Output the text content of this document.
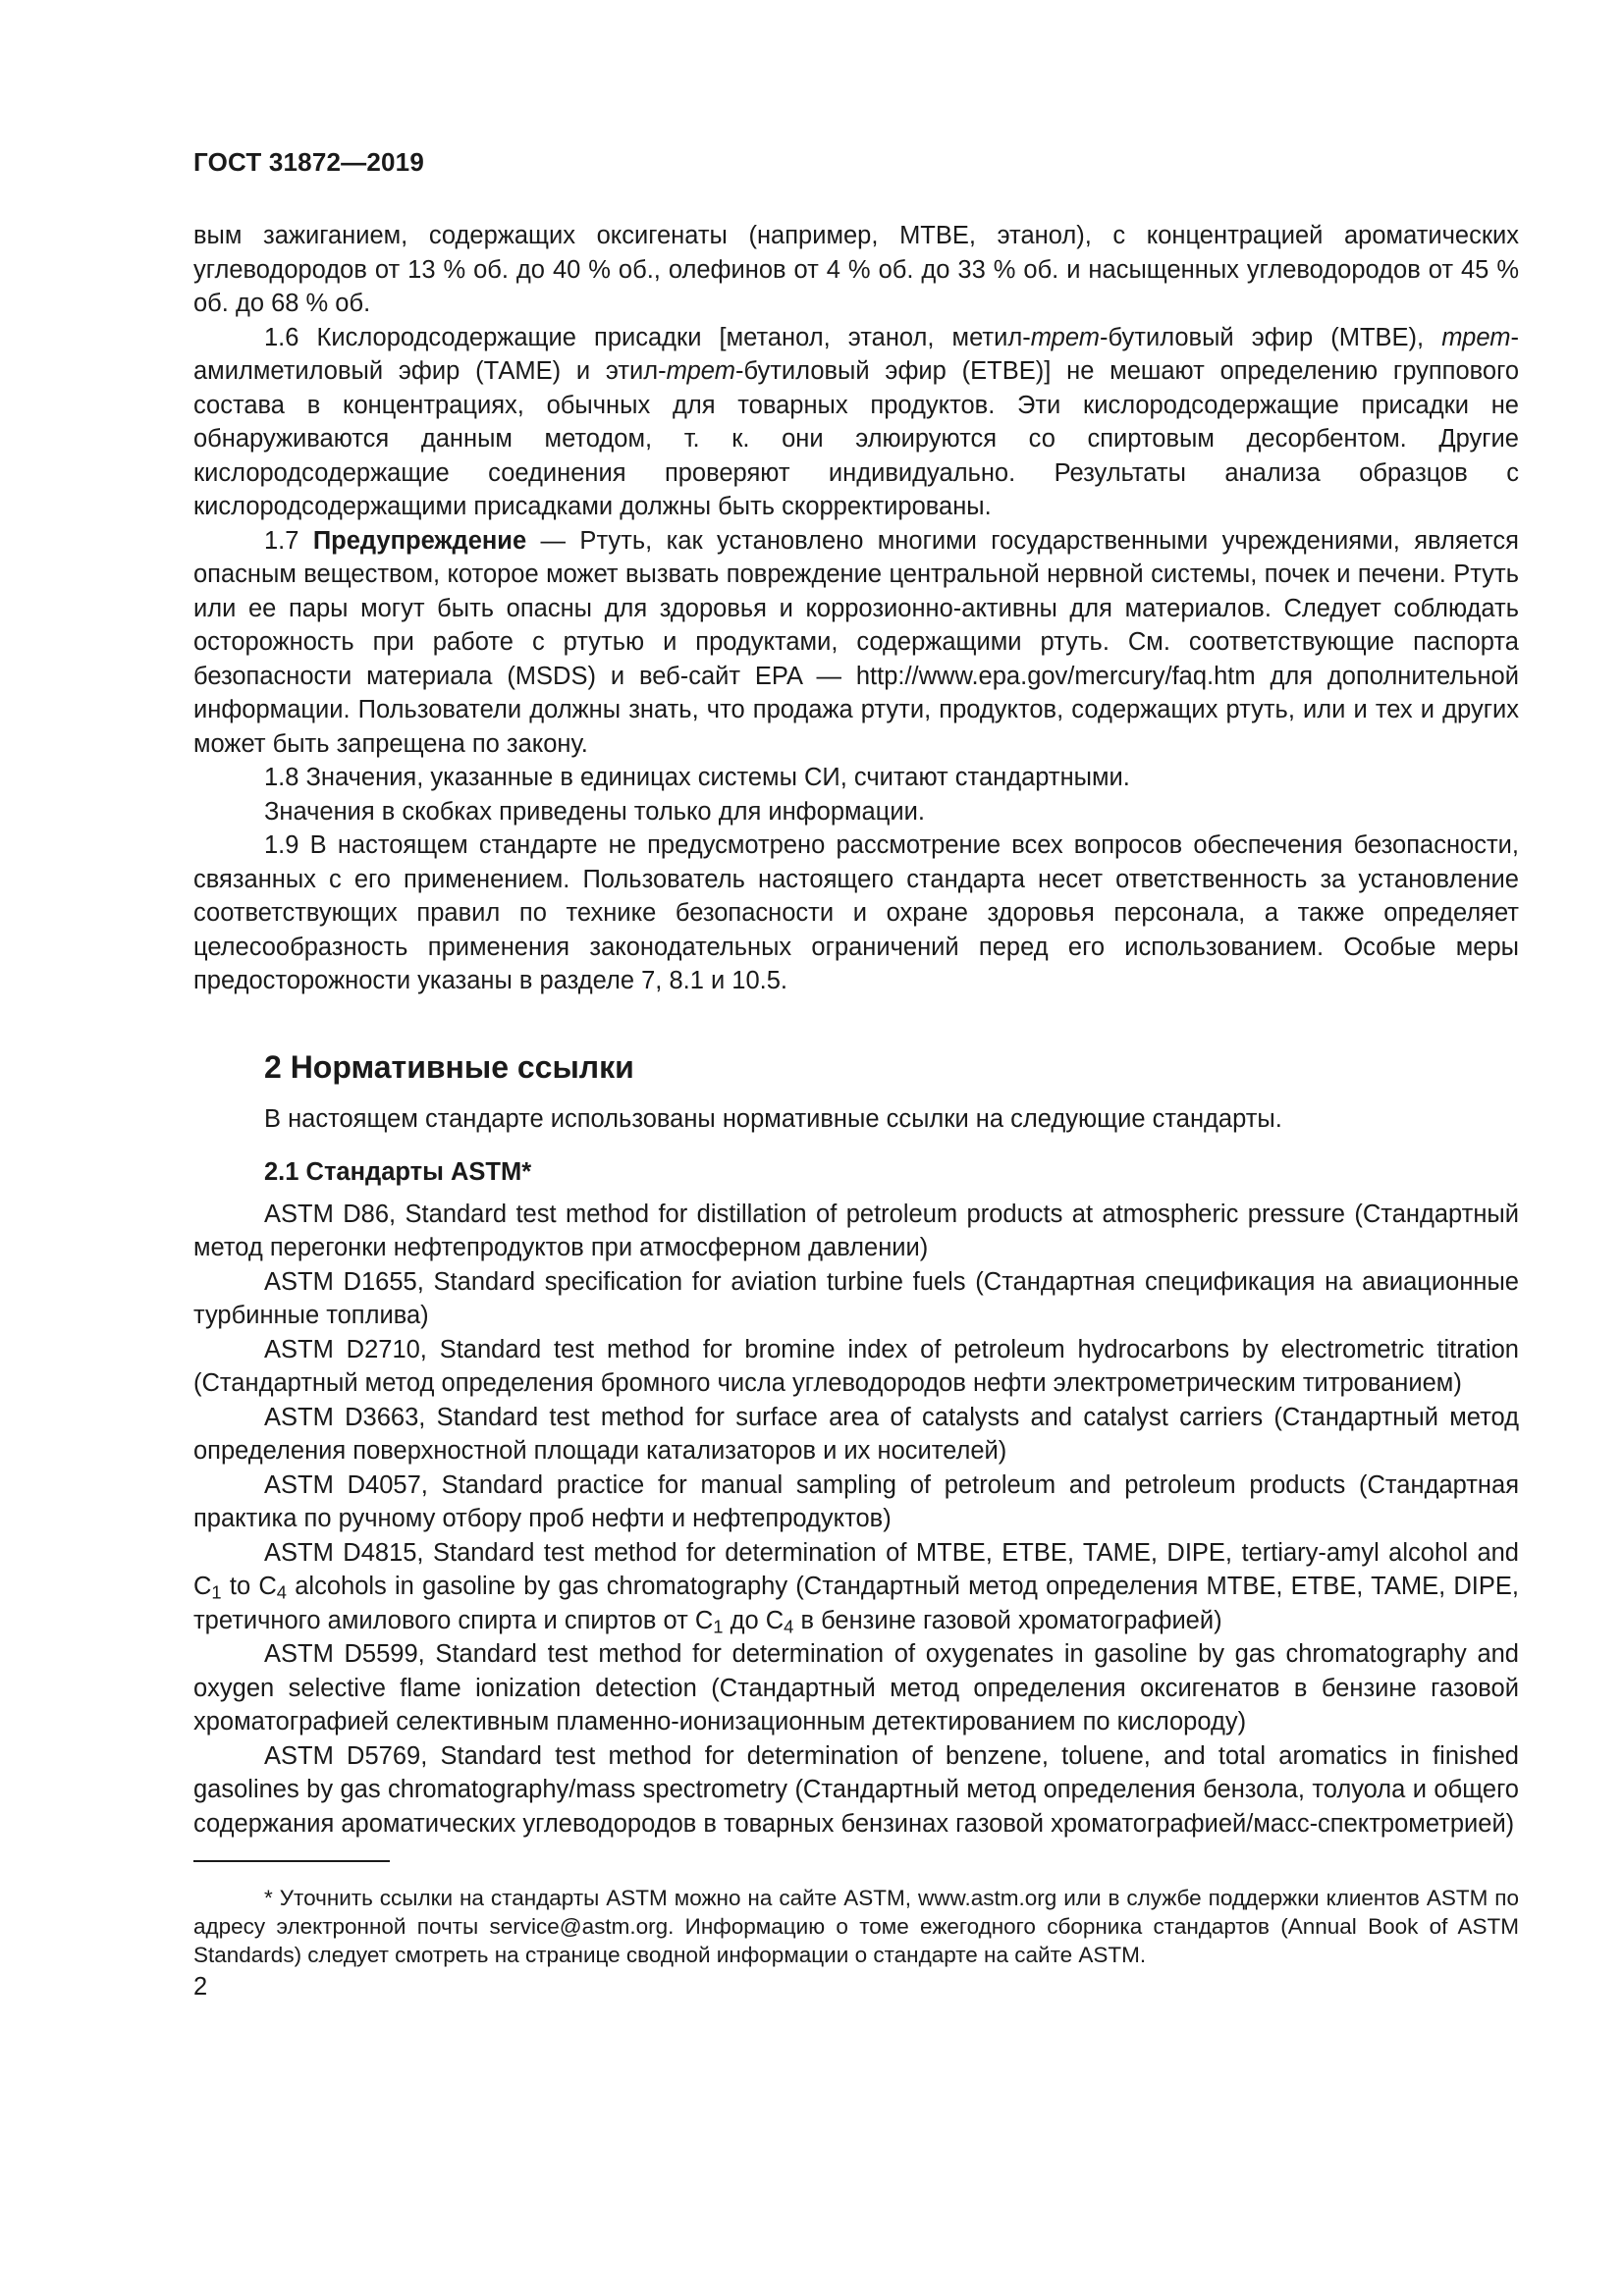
ГОСТ 31872—2019

вым зажиганием, содержащих оксигенаты (например, МТВЕ, этанол), с концентрацией ароматических углеводородов от 13 % об. до 40 % об., олефинов от 4 % об. до 33 % об. и насыщенных углеводородов от 45 % об. до 68 % об.

1.6 Кислородсодержащие присадки [метанол, этанол, метил-трет-бутиловый эфир (МТВЕ), трет-амилметиловый эфир (ТАМЕ) и этил-трет-бутиловый эфир (ЕТВЕ)] не мешают определению группового состава в концентрациях, обычных для товарных продуктов. Эти кислородсодержащие присадки не обнаруживаются данным методом, т. к. они элюируются со спиртовым десорбентом. Другие кислородсодержащие соединения проверяют индивидуально. Результаты анализа образцов с кислородсодержащими присадками должны быть скорректированы.

1.7 Предупреждение — Ртуть, как установлено многими государственными учреждениями, является опасным веществом, которое может вызвать повреждение центральной нервной системы, почек и печени. Ртуть или ее пары могут быть опасны для здоровья и коррозионно-активны для материалов. Следует соблюдать осторожность при работе с ртутью и продуктами, содержащими ртуть. См. соответствующие паспорта безопасности материала (MSDS) и веб-сайт EPA — http://www.epa.gov/mercury/faq.htm для дополнительной информации. Пользователи должны знать, что продажа ртути, продуктов, содержащих ртуть, или и тех и других может быть запрещена по закону.

1.8 Значения, указанные в единицах системы СИ, считают стандартными.

Значения в скобках приведены только для информации.

1.9 В настоящем стандарте не предусмотрено рассмотрение всех вопросов обеспечения безопасности, связанных с его применением. Пользователь настоящего стандарта несет ответственность за установление соответствующих правил по технике безопасности и охране здоровья персонала, а также определяет целесообразность применения законодательных ограничений перед его использованием. Особые меры предосторожности указаны в разделе 7, 8.1 и 10.5.

2 Нормативные ссылки

В настоящем стандарте использованы нормативные ссылки на следующие стандарты.

2.1 Стандарты ASTM*

ASTM D86, Standard test method for distillation of petroleum products at atmospheric pressure (Стандартный метод перегонки нефтепродуктов при атмосферном давлении)

ASTM D1655, Standard specification for aviation turbine fuels (Стандартная спецификация на авиационные турбинные топлива)

ASTM D2710, Standard test method for bromine index of petroleum hydrocarbons by electrometric titration (Стандартный метод определения бромного числа углеводородов нефти электрометрическим титрованием)

ASTM D3663, Standard test method for surface area of catalysts and catalyst carriers (Стандартный метод определения поверхностной площади катализаторов и их носителей)

ASTM D4057, Standard practice for manual sampling of petroleum and petroleum products (Стандартная практика по ручному отбору проб нефти и нефтепродуктов)

ASTM D4815, Standard test method for determination of MTBE, ETBE, TAME, DIPE, tertiary-amyl alcohol and $C_1$ to $C_4$ alcohols in gasoline by gas chromatography (Стандартный метод определения МТВЕ, ETBE, TAME, DIPE, третичного амилового спирта и спиртов от $С_1$ до $С_4$ в бензине газовой хроматографией)

ASTM D5599, Standard test method for determination of oxygenates in gasoline by gas chromatography and oxygen selective flame ionization detection (Стандартный метод определения оксигенатов в бензине газовой хроматографией селективным пламенно-ионизационным детектированием по кислороду)

ASTM D5769, Standard test method for determination of benzene, toluene, and total aromatics in finished gasolines by gas chromatography/mass spectrometry (Стандартный метод определения бензола, толуола и общего содержания ароматических углеводородов в товарных бензинах газовой хроматографией/масс-спектрометрией)

* Уточнить ссылки на стандарты ASTM можно на сайте ASTM, www.astm.org или в службе поддержки клиентов ASTM по адресу электронной почты service@astm.org. Информацию о томе ежегодного сборника стандартов (Annual Book of ASTM Standards) следует смотреть на странице сводной информации о стандарте на сайте ASTM.

2
